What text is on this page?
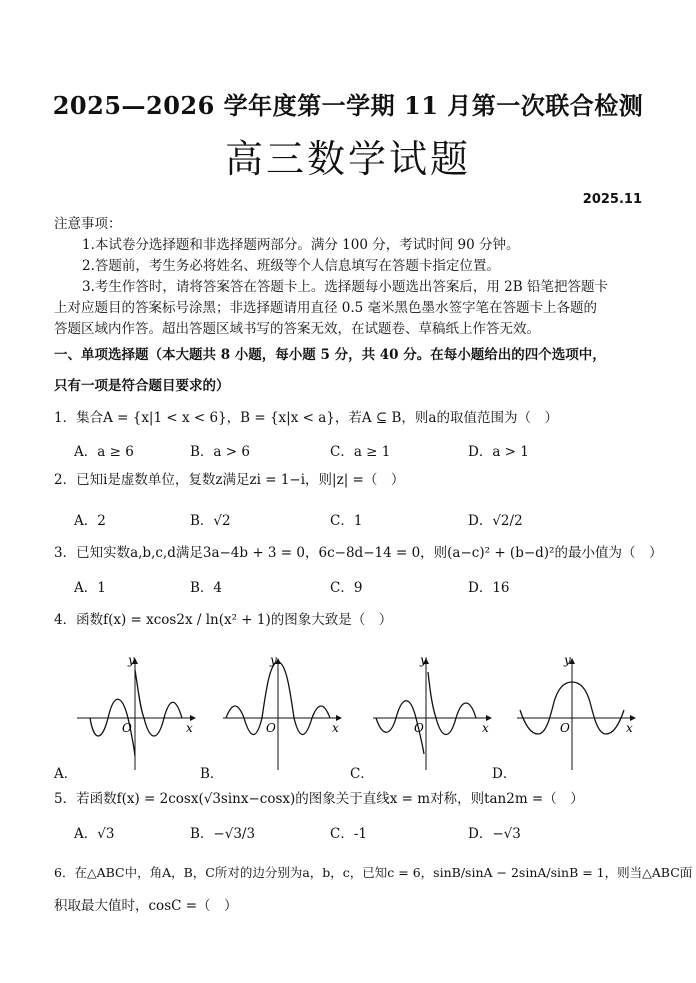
2025—2026 学年度第一学期 11 月第一次联合检测
高三数学试题
2025.11
注意事项：
1.本试卷分选择题和非选择题两部分。满分 100 分，考试时间 90 分钟。
2.答题前，考生务必将姓名、班级等个人信息填写在答题卡指定位置。
3.考生作答时，请将答案答在答题卡上。选择题每小题选出答案后，用 2B 铅笔把答题卡
上对应题目的答案标号涂黑；非选择题请用直径 0.5 毫米黑色墨水签字笔在答题卡上各题的
答题区域内作答。超出答题区域书写的答案无效，在试题卷、草稿纸上作答无效。
一、单项选择题（本大题共 8 小题，每小题 5 分，共 40 分。在每小题给出的四个选项中，
只有一项是符合题目要求的）
1．集合A = {x|1 < x < 6}，B = {x|x < a}，若A ⊆ B，则a的取值范围为（　）
A．a ≥ 6	B．a > 6	C．a ≥ 1	D．a > 1
2．已知i是虚数单位，复数z满足zi = 1−i，则|z| =（　）
A．2	B．√2	C．1	D．√2/2
3．已知实数a,b,c,d满足3a−4b + 3 = 0，6c−8d−14 = 0，则(a−c)² + (b−d)²的最小值为（　）
A．1	B．4	C．9	D．16
4．函数f(x) = xcos2x / ln(x² + 1)的图象大致是（　）
y
x
O
A．
y
x
O
B．
y
x
O
C．
y
x
O
D．
5．若函数f(x) = 2cosx(√3sinx−cosx)的图象关于直线x = m对称，则tan2m =（　）
A．√3	B．−√3/3	C．-1	D．−√3
6．在△ABC中，角A，B，C所对的边分别为a，b，c，已知c = 6，sinB/sinA − 2sinA/sinB = 1，则当△ABC面
积取最大值时，cosC =（　）
